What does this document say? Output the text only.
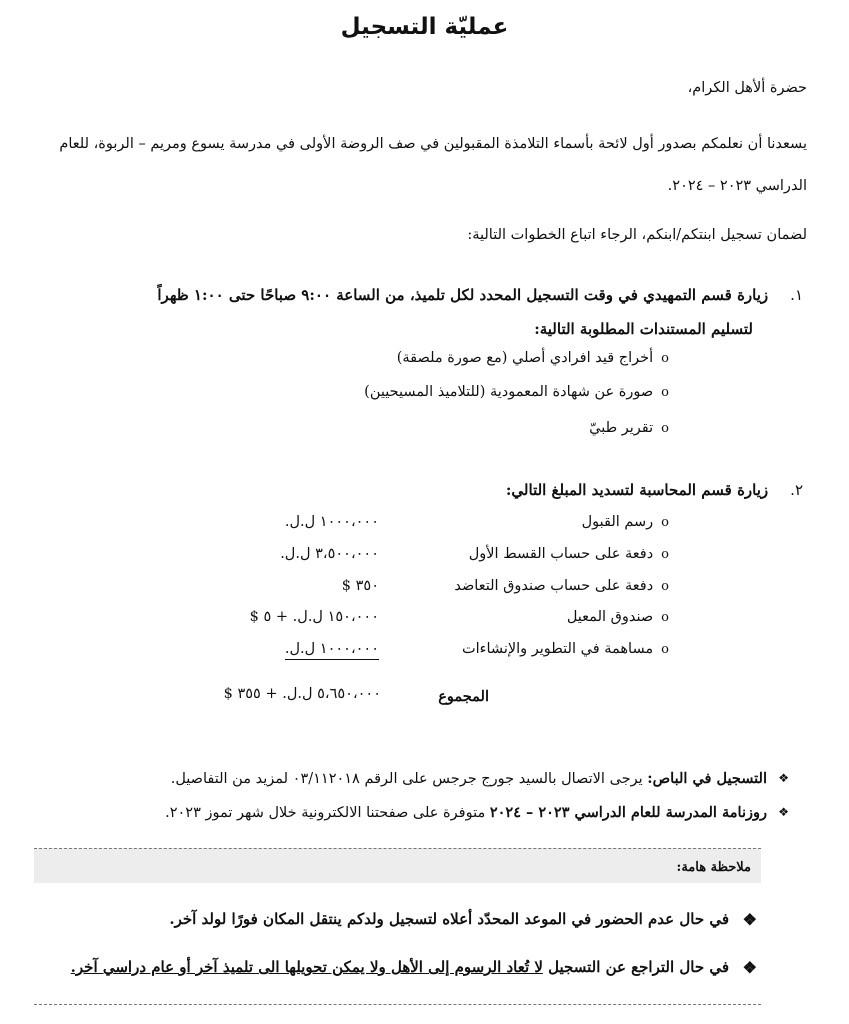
عمليّة التسجيل
حضرة ألأهل الكرام،
يسعدنا أن نعلمكم بصدور أول لائحة بأسماء التلامذة المقبولين في صف الروضة الأولى في مدرسة يسوع ومريم – الربوة، للعام
الدراسي ٢٠٢٣ – ٢٠٢٤.
لضمان تسجيل ابنتكم/ابنكم، الرجاء اتباع الخطوات التالية:
١.زيارة قسم التمهيدي في وقت التسجيل المحدد لكل تلميذ، من الساعة ٩:٠٠ صباحًا حتى ١:٠٠ ظهراً
لتسليم المستندات المطلوبة التالية:
oأخراج قيد افرادي أصلي (مع صورة ملصقة)
oصورة عن شهادة المعمودية (للتلاميذ المسيحيين)
oتقرير طبيّ
٢.زيارة قسم المحاسبة لتسديد المبلغ التالي:
oرسم القبول
١٠٠٠،٠٠٠ ل.ل.
oدفعة على حساب القسط الأول
٣،٥٠٠،٠٠٠ ل.ل.
oدفعة على حساب صندوق التعاضد
٣٥٠ $
oصندوق المعيل
١٥٠،٠٠٠ ل.ل. + ٥ $
oمساهمة في التطوير والإنشاءات
١٠٠٠،٠٠٠ ل.ل.
المجموع
٥،٦٥٠،٠٠٠ ل.ل. + ٣٥٥ $
❖
التسجيل في الباص: يرجى الاتصال بالسيد جورج جرجس على الرقم ٠٣/١١٢٠١٨ لمزيد من التفاصيل.
❖
روزنامة المدرسة للعام الدراسي ٢٠٢٣ – ٢٠٢٤ متوفرة على صفحتنا الالكترونية خلال شهر تموز ٢٠٢٣.
ملاحظة هامة:
❖
في حال عدم الحضور في الموعد المحدّد أعلاه لتسجيل ولدكم ينتقل المكان فورًا لولد آخر.
❖
في حال التراجع عن التسجيل لا تُعاد الرسوم إلى الأهل ولا يمكن تحويلها الى تلميذ آخر أو عام دراسي آخر.
